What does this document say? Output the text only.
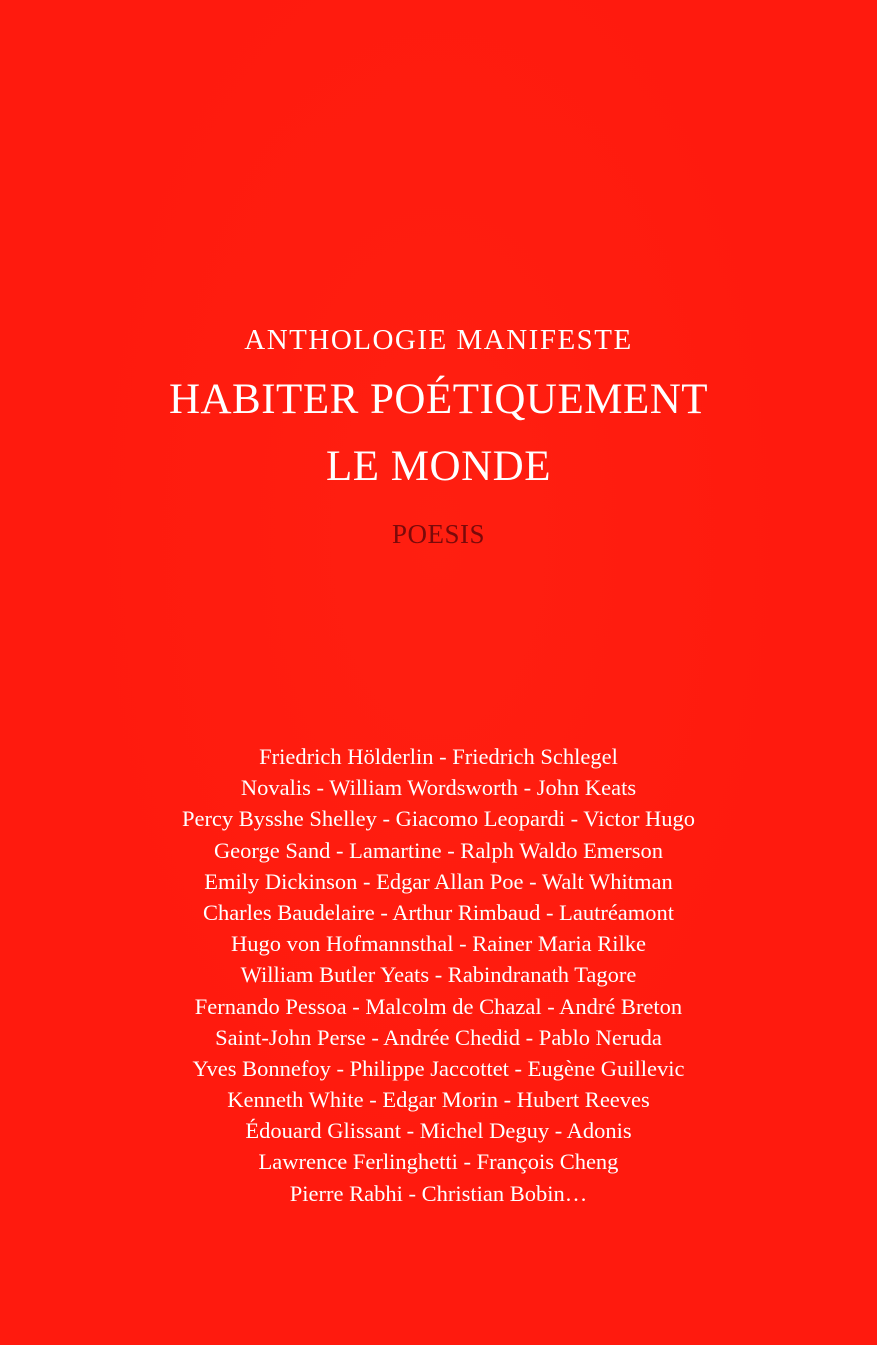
ANTHOLOGIE MANIFESTE
HABITER POÉTIQUEMENT
LE MONDE
POESIS
Friedrich Hölderlin - Friedrich Schlegel
Novalis - William Wordsworth - John Keats
Percy Bysshe Shelley - Giacomo Leopardi - Victor Hugo
George Sand - Lamartine - Ralph Waldo Emerson
Emily Dickinson - Edgar Allan Poe - Walt Whitman
Charles Baudelaire - Arthur Rimbaud - Lautréamont
Hugo von Hofmannsthal - Rainer Maria Rilke
William Butler Yeats - Rabindranath Tagore
Fernando Pessoa - Malcolm de Chazal - André Breton
Saint-John Perse - Andrée Chedid - Pablo Neruda
Yves Bonnefoy - Philippe Jaccottet - Eugène Guillevic
Kenneth White - Edgar Morin - Hubert Reeves
Édouard Glissant - Michel Deguy - Adonis
Lawrence Ferlinghetti - François Cheng
Pierre Rabhi - Christian Bobin…
